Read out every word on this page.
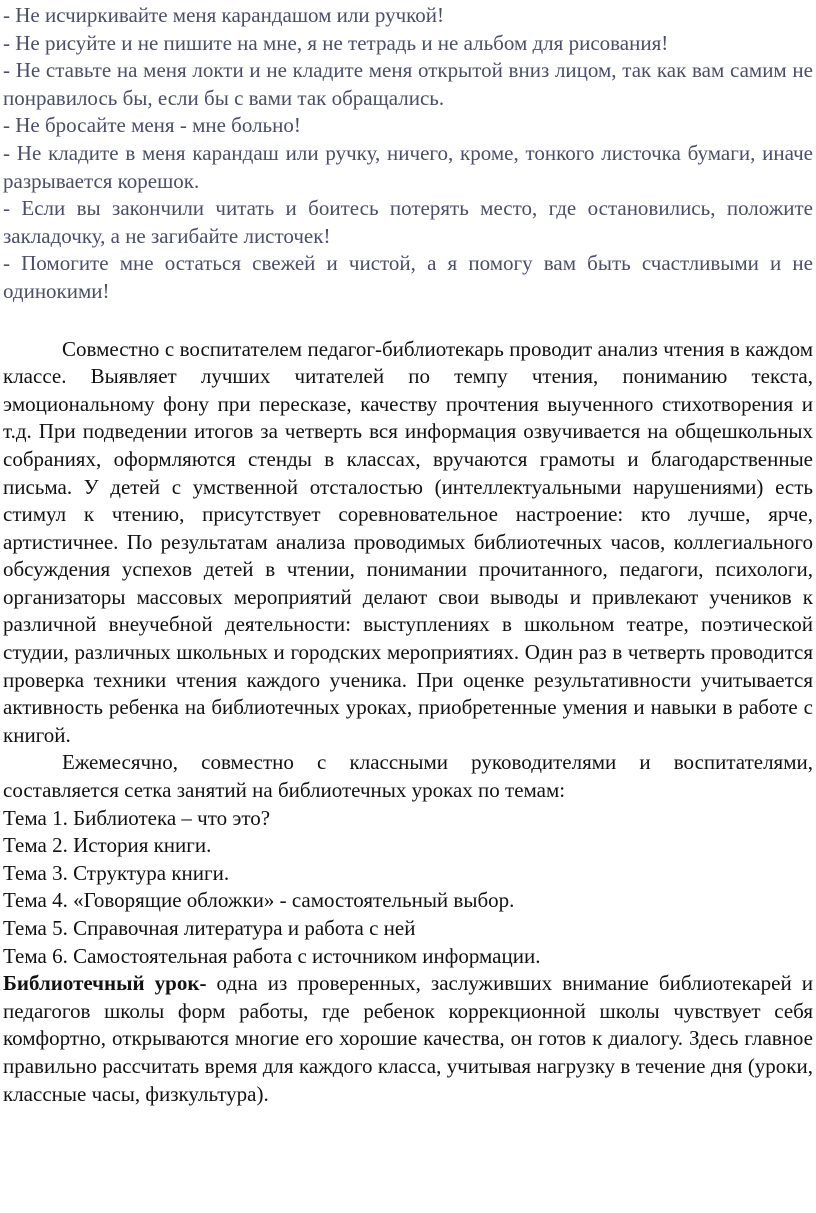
- Не исчиркивайте меня карандашом или ручкой!

- Не рисуйте и не пишите на мне, я не тетрадь и не альбом для рисования!

- Не ставьте на меня локти и не кладите меня открытой вниз лицом, так как вам самим не понравилось бы, если бы с вами так обращались.

- Не бросайте меня - мне больно!

- Не кладите в меня карандаш или ручку, ничего, кроме, тонкого листочка бумаги, иначе разрывается корешок.

- Если вы закончили читать и боитесь потерять место, где остановились, положите закладочку, а не загибайте листочек!

- Помогите мне остаться свежей и чистой, а я помогу вам быть счастливыми и не одинокими!

Совместно с воспитателем педагог-библиотекарь проводит анализ чтения в каждом классе. Выявляет лучших читателей по темпу чтения, пониманию текста, эмоциональному фону при пересказе, качеству прочтения выученного стихотворения и т.д. При подведении итогов за четверть вся информация озвучивается на общешкольных собраниях, оформляются стенды в классах, вручаются грамоты и благодарственные письма. У детей с умственной отсталостью (интеллектуальными нарушениями) есть стимул к чтению, присутствует соревновательное настроение: кто лучше, ярче, артистичнее. По результатам анализа проводимых библиотечных часов, коллегиального обсуждения успехов детей в чтении, понимании прочитанного, педагоги, психологи, организаторы массовых мероприятий делают свои выводы и привлекают учеников к различной внеучебной деятельности: выступлениях в школьном театре, поэтической студии, различных школьных и городских мероприятиях. Один раз в четверть проводится проверка техники чтения каждого ученика. При оценке результативности учитывается активность ребенка на библиотечных уроках, приобретенные умения и навыки в работе с книгой.

Ежемесячно, совместно с классными руководителями и воспитателями, составляется сетка занятий на библиотечных уроках по темам:

Тема 1. Библиотека – что это?

Тема 2. История книги.

Тема 3. Структура книги.

Тема 4. «Говорящие обложки» - самостоятельный выбор.

Тема 5. Справочная литература и работа с ней

Тема 6. Самостоятельная работа с источником информации.

Библиотечный урок- одна из проверенных, заслуживших внимание библиотекарей и педагогов школы форм работы, где ребенок коррекционной школы чувствует себя комфортно, открываются многие его хорошие качества, он готов к диалогу. Здесь главное правильно рассчитать время для каждого класса, учитывая нагрузку в течение дня (уроки, классные часы, физкультура).
